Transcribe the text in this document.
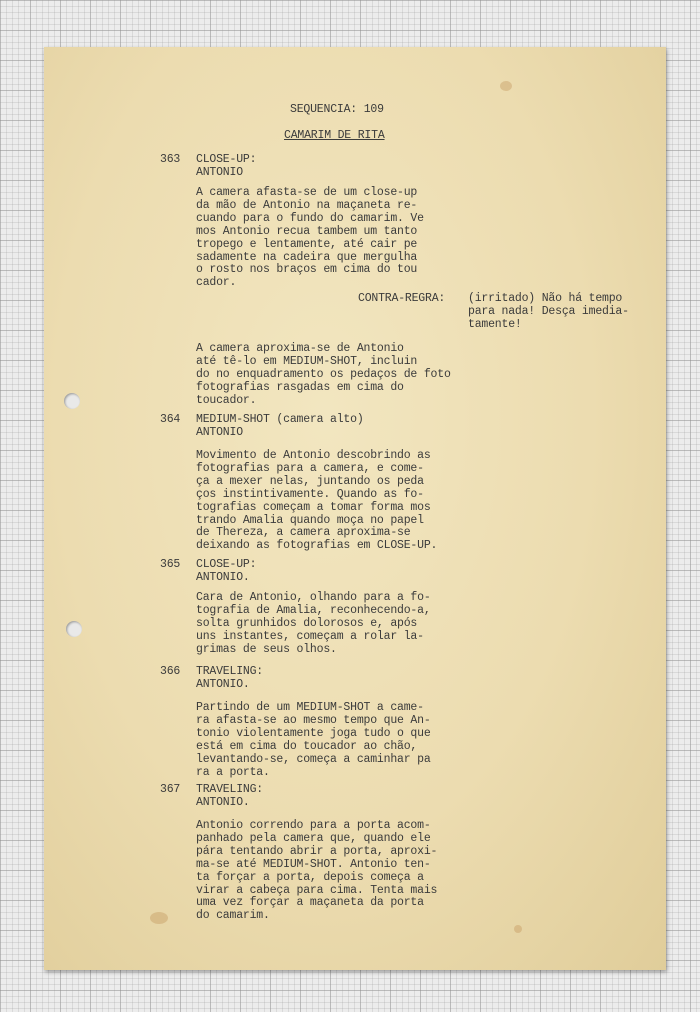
SEQUENCIA: 109
CAMARIM DE RITA
363 CLOSE-UP:
ANTONIO
A camera afasta-se de um close-up
da mão de Antonio na maçaneta re-
cuando para o fundo do camarim. Ve
mos Antonio recua tambem um tanto
tropego e lentamente, até cair pe
sadamente na cadeira que mergulha
o rosto nos braços em cima do tou
cador.
CONTRA-REGRA: (irritado) Não há tempo
para nada! Desça imedia-
tamente!
A camera aproxima-se de Antonio
até tê-lo em MEDIUM-SHOT, incluin
do no enquadramento os pedaços de foto
fotografias rasgadas em cima do
toucador.
364 MEDIUM-SHOT (camera alto)
ANTONIO
Movimento de Antonio descobrindo as
fotografias para a camera, e come-
ça a mexer nelas, juntando os peda
ços instintivamente. Quando as fo-
tografias começam a tomar forma mos
trando Amalia quando moça no papel
de Thereza, a camera aproxima-se
deixando as fotografias em CLOSE-UP.
365 CLOSE-UP:
ANTONIO.
Cara de Antonio, olhando para a fo-
tografia de Amalia, reconhecendo-a,
solta grunhidos dolorosos e, após
uns instantes, começam a rolar la-
grimas de seus olhos.
366 TRAVELING:
ANTONIO.
Partindo de um MEDIUM-SHOT a came-
ra afasta-se ao mesmo tempo que An-
tonio violentamente joga tudo o que
está em cima do toucador ao chão,
levantando-se, começa a caminhar pa
ra a porta.
367 TRAVELING:
ANTONIO.
Antonio correndo para a porta acom-
panhado pela camera que, quando ele
pára tentando abrir a porta, aproxi-
ma-se até MEDIUM-SHOT. Antonio ten-
ta forçar a porta, depois começa a
virar a cabeça para cima. Tenta mais
uma vez forçar a maçaneta da porta
do camarim.
